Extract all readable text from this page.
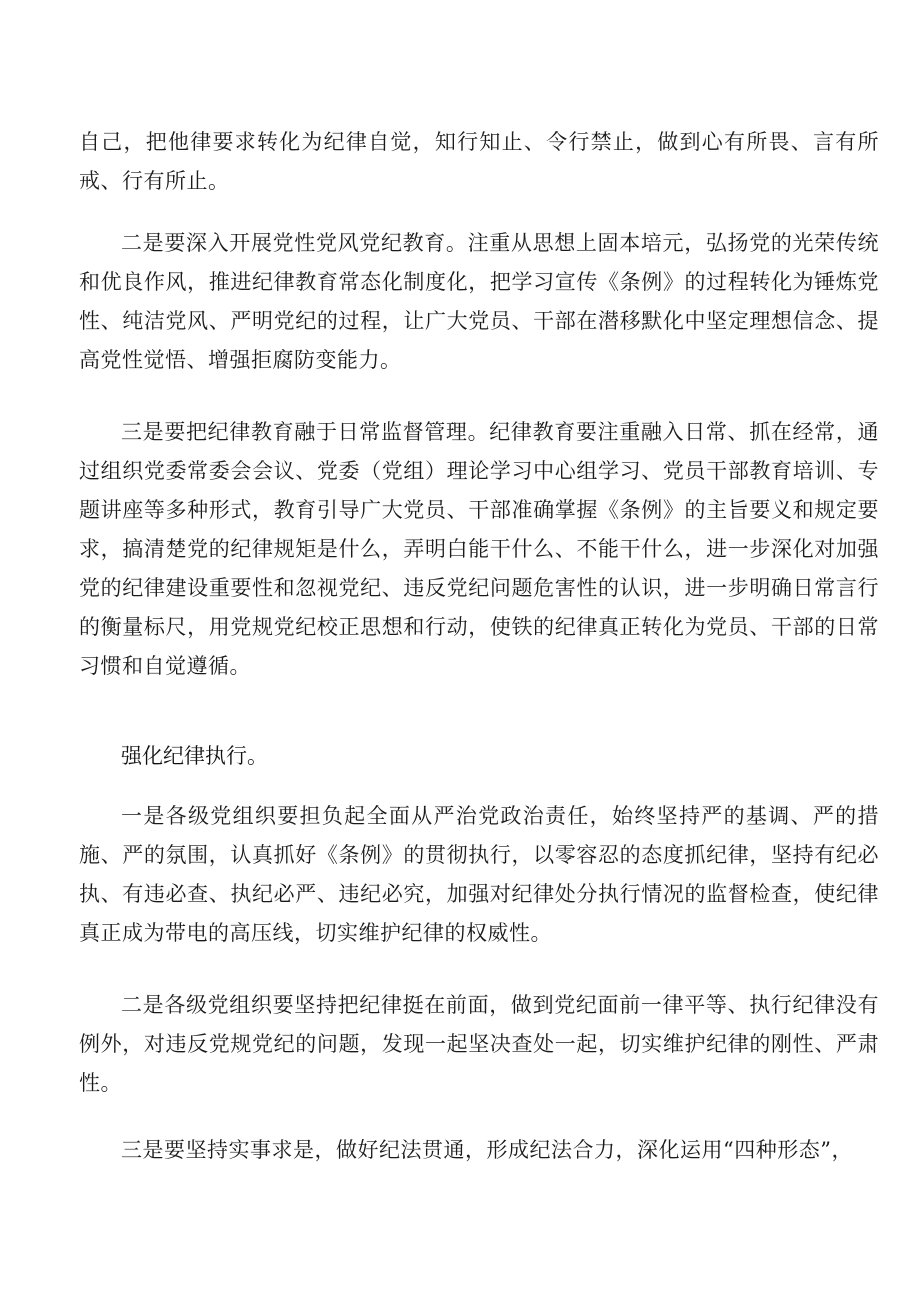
自己，把他律要求转化为纪律自觉，知行知止、令行禁止，做到心有所畏、言有所戒、行有所止。

二是要深入开展党性党风党纪教育。注重从思想上固本培元，弘扬党的光荣传统和优良作风，推进纪律教育常态化制度化，把学习宣传《条例》的过程转化为锤炼党性、纯洁党风、严明党纪的过程，让广大党员、干部在潜移默化中坚定理想信念、提高党性觉悟、增强拒腐防变能力。

三是要把纪律教育融于日常监督管理。纪律教育要注重融入日常、抓在经常，通过组织党委常委会会议、党委（党组）理论学习中心组学习、党员干部教育培训、专题讲座等多种形式，教育引导广大党员、干部准确掌握《条例》的主旨要义和规定要求，搞清楚党的纪律规矩是什么，弄明白能干什么、不能干什么，进一步深化对加强党的纪律建设重要性和忽视党纪、违反党纪问题危害性的认识，进一步明确日常言行的衡量标尺，用党规党纪校正思想和行动，使铁的纪律真正转化为党员、干部的日常习惯和自觉遵循。

强化纪律执行。

一是各级党组织要担负起全面从严治党政治责任，始终坚持严的基调、严的措施、严的氛围，认真抓好《条例》的贯彻执行，以零容忍的态度抓纪律，坚持有纪必执、有违必查、执纪必严、违纪必究，加强对纪律处分执行情况的监督检查，使纪律真正成为带电的高压线，切实维护纪律的权威性。

二是各级党组织要坚持把纪律挺在前面，做到党纪面前一律平等、执行纪律没有例外，对违反党规党纪的问题，发现一起坚决查处一起，切实维护纪律的刚性、严肃性。

三是要坚持实事求是，做好纪法贯通，形成纪法合力，深化运用“四种形态”，
